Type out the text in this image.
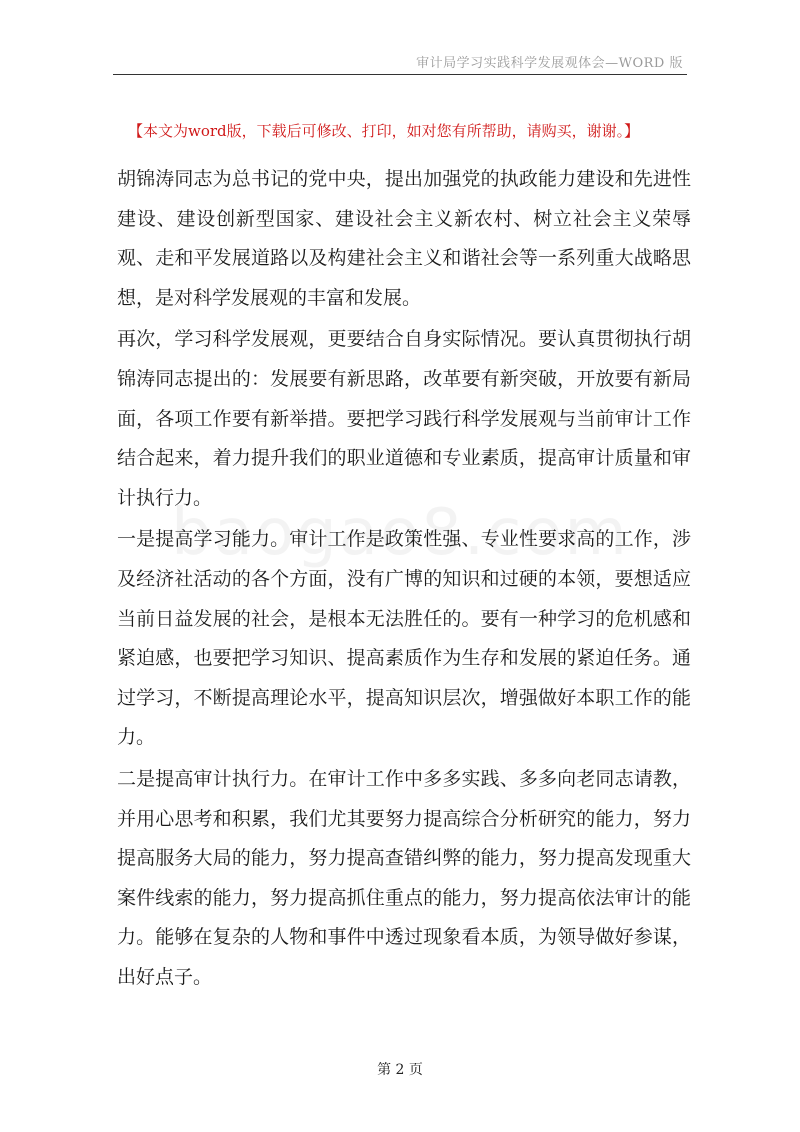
审计局学习实践科学发展观体会—WORD 版
【本文为word版，下载后可修改、打印，如对您有所帮助，请购买，谢谢。】

胡锦涛同志为总书记的党中央，提出加强党的执政能力建设和先进性建设、建设创新型国家、建设社会主义新农村、树立社会主义荣辱观、走和平发展道路以及构建社会主义和谐社会等一系列重大战略思想，是对科学发展观的丰富和发展。

再次，学习科学发展观，更要结合自身实际情况。要认真贯彻执行胡锦涛同志提出的：发展要有新思路，改革要有新突破，开放要有新局面，各项工作要有新举措。要把学习践行科学发展观与当前审计工作结合起来，着力提升我们的职业道德和专业素质，提高审计质量和审计执行力。

一是提高学习能力。审计工作是政策性强、专业性要求高的工作，涉及经济社活动的各个方面，没有广博的知识和过硬的本领，要想适应当前日益发展的社会，是根本无法胜任的。要有一种学习的危机感和紧迫感，也要把学习知识、提高素质作为生存和发展的紧迫任务。通过学习，不断提高理论水平，提高知识层次，增强做好本职工作的能力。

二是提高审计执行力。在审计工作中多多实践、多多向老同志请教，并用心思考和积累，我们尤其要努力提高综合分析研究的能力，努力提高服务大局的能力，努力提高查错纠弊的能力，努力提高发现重大案件线索的能力，努力提高抓住重点的能力，努力提高依法审计的能力。能够在复杂的人物和事件中透过现象看本质，为领导做好参谋，出好点子。

第 2 页
